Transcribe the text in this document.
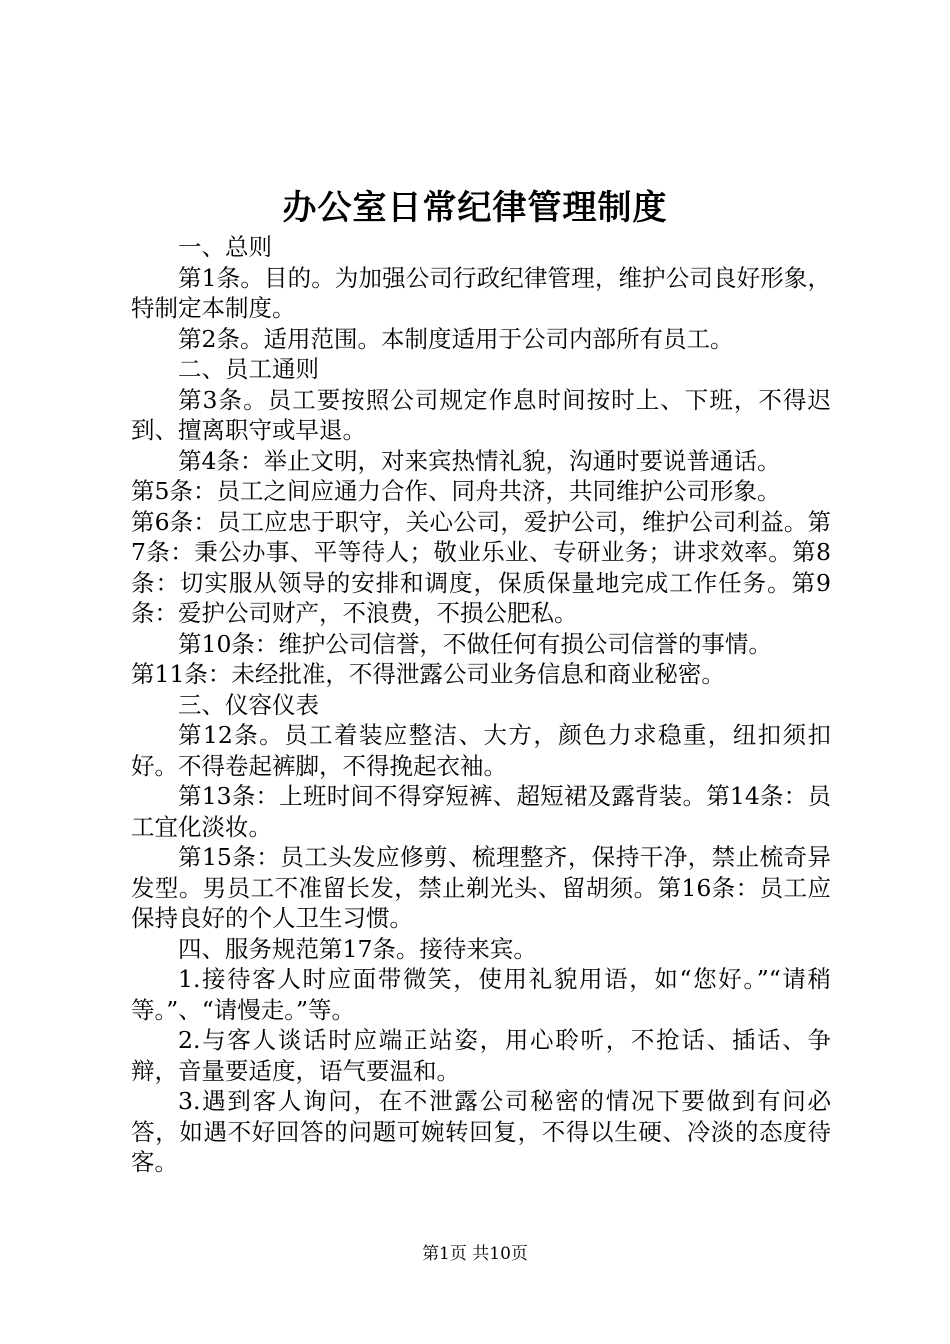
办公室日常纪律管理制度

一、总则

第1条。目的。为加强公司行政纪律管理，维护公司良好形象，特制定本制度。

第2条。适用范围。本制度适用于公司内部所有员工。

二、员工通则

第3条。员工要按照公司规定作息时间按时上、下班，不得迟到、擅离职守或早退。

第4条：举止文明，对来宾热情礼貌，沟通时要说普通话。

第5条：员工之间应通力合作、同舟共济，共同维护公司形象。

第6条：员工应忠于职守，关心公司，爱护公司，维护公司利益。第7条：秉公办事、平等待人；敬业乐业、专研业务；讲求效率。第8条：切实服从领导的安排和调度，保质保量地完成工作任务。第9条：爱护公司财产，不浪费，不损公肥私。

第10条：维护公司信誉，不做任何有损公司信誉的事情。

第11条：未经批准，不得泄露公司业务信息和商业秘密。

三、仪容仪表

第12条。员工着装应整洁、大方，颜色力求稳重，纽扣须扣好。不得卷起裤脚，不得挽起衣袖。

第13条：上班时间不得穿短裤、超短裙及露背装。第14条：员工宜化淡妆。

第15条：员工头发应修剪、梳理整齐，保持干净，禁止梳奇异发型。男员工不准留长发，禁止剃光头、留胡须。第16条：员工应保持良好的个人卫生习惯。

四、服务规范第17条。接待来宾。

1.接待客人时应面带微笑，使用礼貌用语，如“您好。”“请稍等。”、“请慢走。”等。

2.与客人谈话时应端正站姿，用心聆听，不抢话、插话、争辩，音量要适度，语气要温和。

3.遇到客人询问，在不泄露公司秘密的情况下要做到有问必答，如遇不好回答的问题可婉转回复，不得以生硬、冷淡的态度待客。

第1页 共10页
